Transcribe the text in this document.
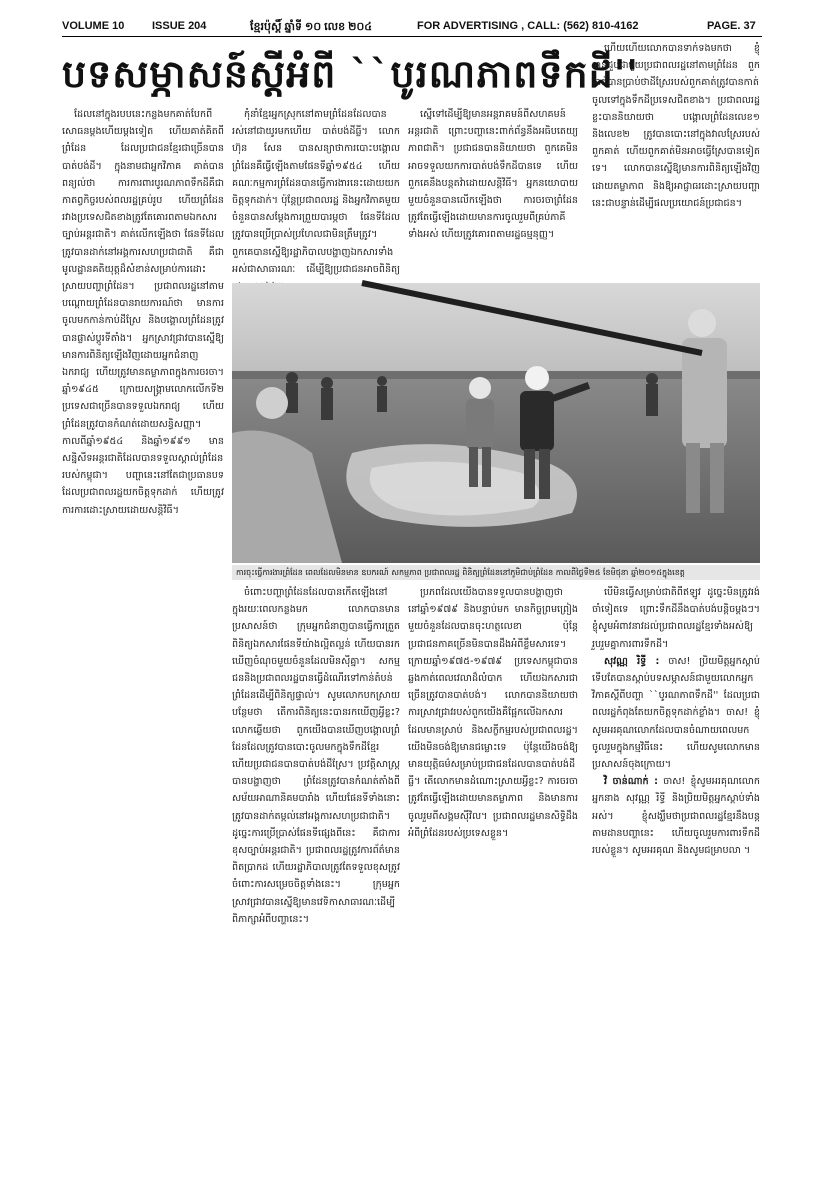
VOLUME 10	ISSUE 204	ខ្មែរប៉ុស្តិ៍ ឆ្នាំទី ១០ លេខ ២០៤	FOR ADVERTISING , CALL: (562) 810-4162	PAGE. 37
បទសម្ភាសន៍ស្តីអំពី ``បូរណភាពទឹកដី''

ដែលនៅក្នុងរបបនេះកន្លងមកគាត់បែកពីសោធនម្តងហើយម្តងទៀត ហើយគាត់គិតពីព្រំដែន ដែលប្រជាជនខ្មែរជាច្រើនបានបាត់បង់ដី។ ក្នុងនាមជាអ្នកវិភាគ គាត់បានពន្យល់ថា ការការពារបូរណភាពទឹកដីគឺជាកាតព្វកិច្ចរបស់ពលរដ្ឋគ្រប់រូប ហើយព្រំដែនរវាងប្រទេសជិតខាងត្រូវតែគោរពតាមឯកសារច្បាប់អន្តរជាតិ។ គាត់លើកឡើងថា ផែនទីដែលត្រូវបានដាក់នៅអង្គការសហប្រជាជាតិ គឺជាមូលដ្ឋានគតិយុត្តដ៏សំខាន់សម្រាប់ការដោះស្រាយបញ្ហាព្រំដែន។ ប្រជាពលរដ្ឋនៅតាមបណ្តោយព្រំដែនបានរាយការណ៍ថា មានការចូលមកកាន់កាប់ដីស្រែ និងបង្គោលព្រំដែនត្រូវបានផ្លាស់ប្តូរទីតាំង។ អ្នកស្រាវជ្រាវបានស្នើឱ្យមានការពិនិត្យឡើងវិញដោយអ្នកជំនាញឯករាជ្យ ហើយត្រូវមានតម្លាភាពក្នុងការចរចា។ ឆ្នាំ១៩៤៥ ក្រោយសង្គ្រាមលោកលើកទី២ ប្រទេសជាច្រើនបានទទួលឯករាជ្យ ហើយព្រំដែនត្រូវបានកំណត់ដោយសន្ធិសញ្ញា។ កាលពីឆ្នាំ១៩៥៤ និងឆ្នាំ១៩៩១ មានសន្និសីទអន្តរជាតិដែលបានទទួលស្គាល់ព្រំដែនរបស់កម្ពុជា។ បញ្ហានេះនៅតែជាប្រធានបទដែលប្រជាពលរដ្ឋយកចិត្តទុកដាក់ ហើយត្រូវការការដោះស្រាយដោយសន្តិវិធី។

កុំនាំខ្មែរអ្នកស្រុកនៅតាមព្រំដែនដែលបានរស់នៅជាយូរមកហើយ បាត់បង់ដីធ្លី។ លោក ហ៊ុន សែន បានសន្យាថាការបោះបង្គោលព្រំដែនគឺធ្វើឡើងតាមផែនទីឆ្នាំ១៩៥៤ ហើយគណៈកម្មការព្រំដែនបានធ្វើការងារនេះដោយយកចិត្តទុកដាក់។ ប៉ុន្តែប្រជាពលរដ្ឋ និងអ្នកវិភាគមួយចំនួនបានសម្តែងការព្រួយបារម្ភថា ផែនទីដែលត្រូវបានប្រើប្រាស់ប្រហែលជាមិនត្រឹមត្រូវ។ ពួកគេបានស្នើឱ្យរដ្ឋាភិបាលបង្ហាញឯកសារទាំងអស់ជាសាធារណៈ ដើម្បីឱ្យប្រជាជនអាចពិនិត្យ

ស្នើទៅដើម្បីឱ្យមានអន្តរាគមន៍ពីសហគមន៍អន្តរជាតិ ព្រោះបញ្ហានេះពាក់ព័ន្ធនឹងអធិបតេយ្យភាពជាតិ។ ប្រជាជនបាននិយាយថា ពួកគេមិនអាចទទួលយកការបាត់បង់ទឹកដីបានទេ ហើយពួកគេនឹងបន្តតវ៉ាដោយសន្តិវិធី។ អ្នកនយោបាយមួយចំនួនបានលើកឡើងថា ការចរចាព្រំដែនត្រូវតែធ្វើឡើងដោយមានការចូលរួមពីគ្រប់ភាគីទាំងអស់ ហើយត្រូវគោរពតាមរដ្ឋធម្មនុញ្ញ។

ហើយហើយលោកបានទាក់ទងមកថា ខ្ញុំបានជួបជាមួយប្រជាពលរដ្ឋនៅតាមព្រំដែន ពួកគាត់បានប្រាប់ថាដីស្រែរបស់ពួកគាត់ត្រូវបានកាត់ចូលទៅក្នុងទឹកដីប្រទេសជិតខាង។ ប្រជាពលរដ្ឋខ្លះបាននិយាយថា បង្គោលព្រំដែនលេខ១ និងលេខ២ ត្រូវបានបោះនៅក្នុងវាលស្រែរបស់ពួកគាត់ ហើយពួកគាត់មិនអាចធ្វើស្រែបានទៀតទេ។ លោកបានស្នើឱ្យមានការពិនិត្យឡើងវិញដោយតម្លាភាព និងឱ្យអាជ្ញាធរដោះស្រាយបញ្ហានេះជាបន្ទាន់ដើម្បីផលប្រយោជន៍ប្រជាជន។

ការចុះធ្វើការងារព្រំដែន ពេលដែលមិនមាន ឧបករណ៍ សកម្មភាព ប្រជាពលរដ្ឋ ពិនិត្យព្រំដែននៅភូមិជាប់ព្រំដែន កាលពីថ្ងៃទី២៥ ខែមិថុនា ឆ្នាំ២០១៥ក្នុងខេត្ត

ចំពោះបញ្ហាព្រំដែនដែលបានកើតឡើងនៅក្នុងរយៈពេលកន្លងមក លោកបានមានប្រសាសន៍ថា ក្រុមអ្នកជំនាញបានធ្វើការត្រួតពិនិត្យឯកសារផែនទីយ៉ាងល្អិតល្អន់ ហើយបានរកឃើញចំណុចមួយចំនួនដែលមិនស៊ីគ្នា។ សកម្មជននិងប្រជាពលរដ្ឋបានធ្វើដំណើរទៅកាន់តំបន់ព្រំដែនដើម្បីពិនិត្យផ្ទាល់។ សូមលោកបកស្រាយបន្ថែមថា តើការពិនិត្យនេះបានរកឃើញអ្វីខ្លះ? លោកឆ្លើយថា ពួកយើងបានឃើញបង្គោលព្រំដែនដែលត្រូវបានបោះចូលមកក្នុងទឹកដីខ្មែរ ហើយប្រជាជនបានបាត់បង់ដីស្រែ។ ប្រវត្តិសាស្ត្របានបង្ហាញថា ព្រំដែនត្រូវបានកំណត់តាំងពីសម័យអាណានិគមបារាំង ហើយផែនទីទាំងនោះត្រូវបានដាក់តម្កល់នៅអង្គការសហប្រជាជាតិ។ ដូច្នេះការប្រើប្រាស់ផែនទីផ្សេងពីនេះ គឺជាការខុសច្បាប់អន្តរជាតិ។ ប្រជាពលរដ្ឋត្រូវការព័ត៌មានពិតប្រាកដ ហើយរដ្ឋាភិបាលត្រូវតែទទួលខុសត្រូវចំពោះការសម្រេចចិត្តទាំងនេះ។ ក្រុមអ្នកស្រាវជ្រាវបានស្នើឱ្យមានវេទិកាសាធារណៈដើម្បីពិភាក្សាអំពីបញ្ហានេះ។

ប្រភពដែលយើងបានទទួលបានបង្ហាញថា នៅឆ្នាំ១៩៧៩ និងបន្ទាប់មក មានកិច្ចព្រមព្រៀងមួយចំនួនដែលបានចុះហត្ថលេខា ប៉ុន្តែប្រជាជនភាគច្រើនមិនបានដឹងអំពីខ្លឹមសារទេ។ ក្រោយឆ្នាំ១៩៧៥-១៩៧៩ ប្រទេសកម្ពុជាបានឆ្លងកាត់ពេលវេលាដ៏លំបាក ហើយឯកសារជាច្រើនត្រូវបានបាត់បង់។ លោកបាននិយាយថា ការស្រាវជ្រាវរបស់ពួកយើងគឺផ្អែកលើឯកសារដែលមានស្រាប់ និងសក្ខីកម្មរបស់ប្រជាពលរដ្ឋ។ យើងមិនចង់ឱ្យមានជម្លោះទេ ប៉ុន្តែយើងចង់ឱ្យមានយុត្តិធម៌សម្រាប់ប្រជាជនដែលបានបាត់បង់ដីធ្លី។ តើលោកមានដំណោះស្រាយអ្វីខ្លះ? ការចរចាត្រូវតែធ្វើឡើងដោយមានតម្លាភាព និងមានការចូលរួមពីសង្គមស៊ីវិល។ ប្រជាពលរដ្ឋមានសិទ្ធិដឹងអំពីព្រំដែនរបស់ប្រទេសខ្លួន។

បើមិនធ្វើសម្រាប់ជាតិពីឥឡូវ ដូច្នេះមិនត្រូវរង់ចាំទៀតទេ ព្រោះទឹកដីនឹងបាត់បង់បន្តិចម្តងៗ។ ខ្ញុំសូមអំពាវនាវដល់ប្រជាពលរដ្ឋខ្មែរទាំងអស់ឱ្យរួបរួមគ្នាការពារទឹកដី។

សុវណ្ណ រិទ្ធី : ចាស! ប្រិយមិត្តអ្នកស្តាប់ទើបតែបានស្តាប់បទសម្ភាសន៍ជាមួយលោកអ្នកវិភាគស្តីពីបញ្ហា ``បូរណភាពទឹកដី'' ដែលប្រជាពលរដ្ឋកំពុងតែយកចិត្តទុកដាក់ខ្លាំង។ ចាស! ខ្ញុំសូមអរគុណលោកដែលបានចំណាយពេលមកចូលរួមក្នុងកម្មវិធីនេះ ហើយសូមលោកមានប្រសាសន៍ចុងក្រោយ។

វិ ចាន់ណាក់ : ចាស! ខ្ញុំសូមអរគុណលោកអ្នកនាង សុវណ្ណ រិទ្ធី និងប្រិយមិត្តអ្នកស្តាប់ទាំងអស់។ ខ្ញុំសង្ឃឹមថាប្រជាពលរដ្ឋខ្មែរនឹងបន្តតាមដានបញ្ហានេះ ហើយចូលរួមការពារទឹកដីរបស់ខ្លួន។ សូមអរគុណ និងសូមជម្រាបលា ។
